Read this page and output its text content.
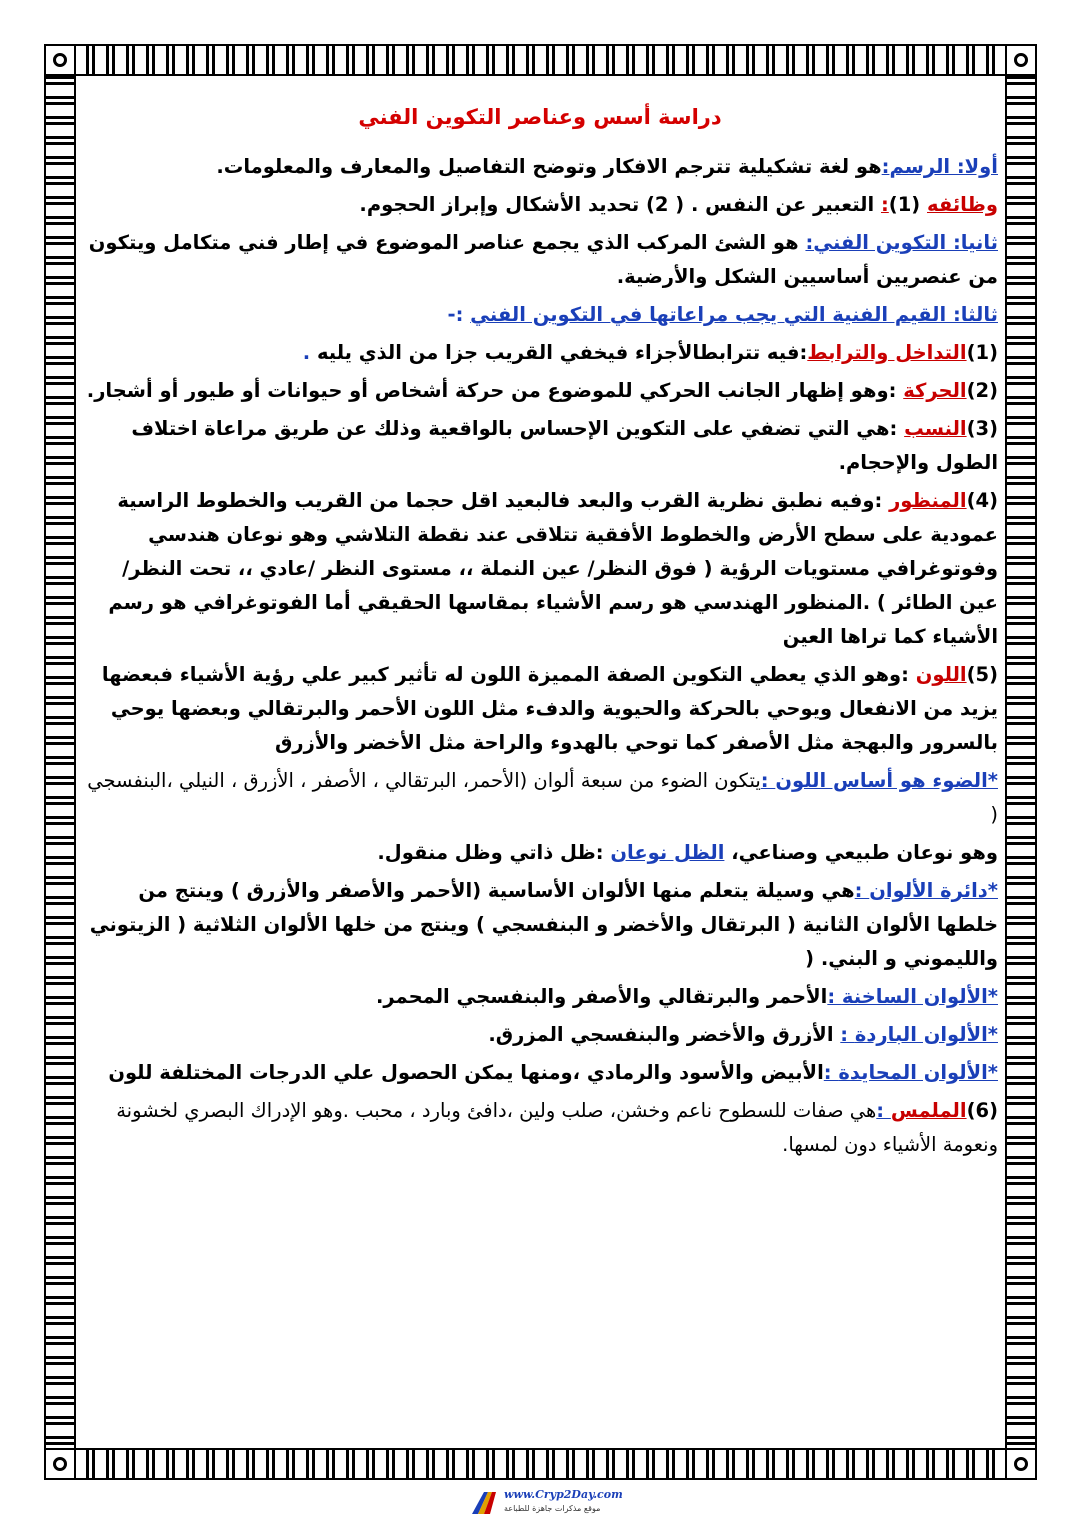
دراسة أسس وعناصر التكوين الفني

أولا: الرسم:هو لغة تشكيلية تترجم الافكار وتوضح التفاصيل والمعارف والمعلومات.

وظائفه (1): التعبير عن النفس . ( 2) تحديد الأشكال وإبراز الحجوم.

ثانيا: التكوين الفني: هو الشئ المركب الذي يجمع عناصر الموضوع في إطار فني متكامل ويتكون من عنصريين أساسيين الشكل والأرضية.

ثالثا: القيم الفنية التي يجب مراعاتها في التكوين الفني :-

(1)التداخل والترابط:فيه تترابطالأجزاء فيخفي القريب جزا من الذي يليه .

(2)الحركة :وهو إظهار الجانب الحركي للموضوع من حركة أشخاص أو حيوانات أو طيور أو أشجار.

(3)النسب :هي التي تضفي على التكوين الإحساس بالواقعية وذلك عن طريق مراعاة اختلاف الطول والإحجام.

(4)المنظور :وفيه نطبق نظرية القرب والبعد فالبعيد اقل حجما من القريب والخطوط الراسية عمودية على سطح الأرض والخطوط الأفقية تتلاقى عند نقطة التلاشي وهو نوعان هندسي وفوتوغرافي مستويات الرؤية ( فوق النظر/ عين النملة ،، مستوى النظر /عادي ،، تحت النظر/ عين الطائر ) .المنظور الهندسي هو رسم الأشياء بمقاسها الحقيقي أما الفوتوغرافي هو رسم الأشياء كما تراها العين

(5)اللون :وهو الذي يعطي التكوين الصفة المميزة اللون له تأثير كبير علي رؤية الأشياء فبعضها يزيد من الانفعال ويوحي بالحركة والحيوية والدفء مثل اللون الأحمر والبرتقالي وبعضها يوحي بالسرور والبهجة مثل الأصفر كما توحي بالهدوء والراحة مثل الأخضر والأزرق

*الضوء هو أساس اللون :يتكون الضوء من سبعة ألوان (الأحمر، البرتقالي ، الأصفر ، الأزرق ، النيلي ،البنفسجي (

وهو نوعان طبيعي وصناعي، الظل نوعان :ظل ذاتي وظل منقول.

*دائرة الألوان :هي وسيلة يتعلم منها الألوان الأساسية (الأحمر والأصفر والأزرق ) وينتج من خلطها الألوان الثانية ( البرتقال والأخضر و البنفسجي ) وينتج من خلها الألوان الثلاثية ( الزيتوني والليموني و البني. (

*الألوان الساخنة :الأحمر والبرتقالي والأصفر والبنفسجي المحمر.

*الألوان الباردة : الأزرق والأخضر والبنفسجي المزرق.

*الألوان المحايدة :الأبيض والأسود والرمادي ،ومنها يمكن الحصول علي الدرجات المختلفة للون

(6)الملمس :هي صفات للسطوح ناعم وخشن، صلب ولين ،دافئ وبارد ، محبب .وهو الإدراك البصري لخشونة ونعومة الأشياء دون لمسها.

www.Cryp2Day.com
موقع مذكرات جاهزة للطباعة
